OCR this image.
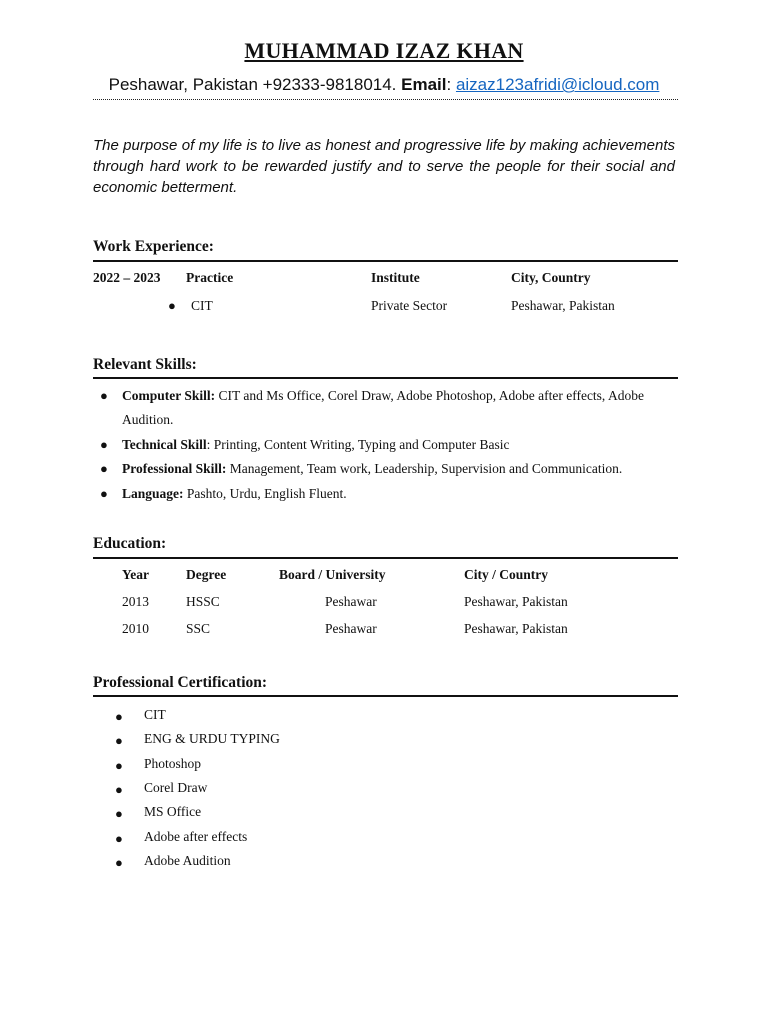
MUHAMMAD IZAZ KHAN
Peshawar, Pakistan +92333-9818014. Email: aizaz123afridi@icloud.com
The purpose of my life is to live as honest and progressive life by making achievements through hard work to be rewarded justify and to serve the people for their social and economic betterment.
Work Experience:
2022 – 2023 Practice	Institute	City, Country
● CIT	Private Sector	Peshawar, Pakistan
Relevant Skills:
● Computer Skill: CIT and Ms Office, Corel Draw, Adobe Photoshop, Adobe after effects, Adobe Audition.
● Technical Skill: Printing, Content Writing, Typing and Computer Basic
● Professional Skill: Management, Team work, Leadership, Supervision and Communication.
● Language: Pashto, Urdu, English Fluent.
Education:
Year	Degree	Board / University	City / Country
2013	HSSC	Peshawar	Peshawar, Pakistan
2010	SSC	Peshawar	Peshawar, Pakistan
Professional Certification:
● CIT
● ENG & URDU TYPING
● Photoshop
● Corel Draw
● MS Office
● Adobe after effects
● Adobe Audition
